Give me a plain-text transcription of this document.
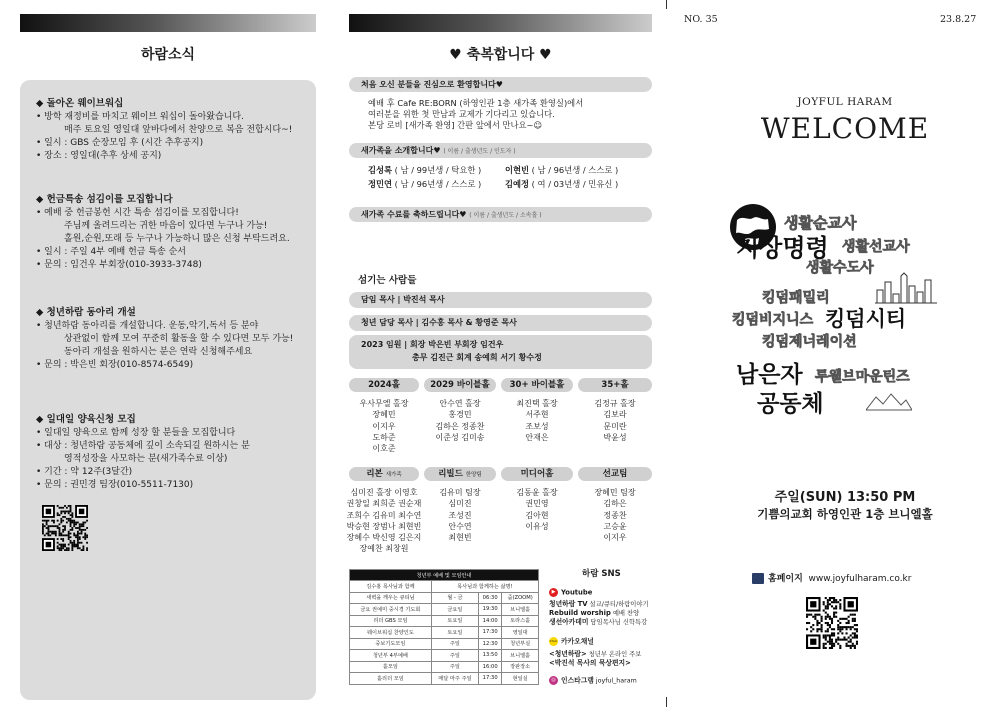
하람소식
◆ 돌아온 웨이브워십
• 방학 재정비를 마치고 웨이브 워십이 돌아왔습니다.
매주 토요일 영일대 앞바다에서 찬양으로 복음 전합시다~!
• 일시 : GBS 순장모임 후 (시간 추후공지)
• 장소 : 영일대(추후 상세 공지)
◆ 헌금특송 섬김이를 모집합니다
• 예배 중 헌금봉헌 시간 특송 섬김이를 모집합니다!
주님께 올려드리는 귀한 마음이 있다면 누구나 가능!
홀원,순원,또래 등 누구나 가능하니 많은 신청 부탁드려요.
• 일시 : 주일 4부 예배 헌금 특송 순서
• 문의 : 임건우 부회장(010-3933-3748)
◆ 청년하람 동아리 개설
• 청년하람 동아리를 개설합니다. 운동,악기,독서 등 분야
상관없이 함께 모여 꾸준히 활동을 할 수 있다면 모두 가능!
동아리 개설을 원하시는 분은 연락 신청해주세요
• 문의 : 박은빈 회장(010-8574-6549)
◆ 일대일 양육신청 모집
• 일대일 양육으로 함께 성장 할 분들을 모집합니다
• 대상 : 청년하람 공동체에 깊이 소속되길 원하시는 분
영적성장을 사모하는 분(새가족수료 이상)
• 기간 : 약 12주(3달간)
• 문의 : 권민경 팀장(010-5511-7130)
♥ 축복합니다 ♥
처음 오신 분들을 진심으로 환영합니다♥
예배 후 Cafe RE:BORN (하영인관 1층 새가족 환영실)에서
여러분을 위한 첫 만남과 교제가 기다리고 있습니다.
본당 로비 [새가족 환영] 간판 앞에서 만나요~☺
새가족을 소개합니다♥ ( 이름 / 출생년도 / 인도자 )
김성록 ( 남 / 99년생 / 탁요한 )	이현빈 ( 남 / 96년생 / 스스로 )
정민연 ( 남 / 96년생 / 스스로 )	김예정 ( 여 / 03년생 / 민유신 )
새가족 수료를 축하드립니다♥ ( 이름 / 출생년도 / 소속홀 )
섬기는 사람들
담임 목사 | 박진석 목사
청년 담당 목사 | 김수홍 목사 & 황영준 목사
2023 임원 | 회장 박은빈 부회장 임건우
총무 김진근 회계 송예희 서기 황수정
2024홀
우사무엘 홀장
장혜민
이지우
도하준
이호준
2029 바이블홀
안수연 홀장
홍경민
김하은 정종찬
이준성 김미송
30+ 바이블홀
최진택 홀장
서주현
조보성
안재은
35+홀
김정규 홀장
김보라
문미란
박윤성
리본 새가족
심미진 홀장 이영호
권창일 최희준 권순재
조희수 김유미 최수연
박승현 장범나 최현빈
장혜수 박신영 김은지
장예찬 최창원
리빌드 한양팀
김유미 팀장
심미진
조성진
안수연
최현빈
미디어홈
김동윤 홀장
권민영
김아현
이유성
선교팀
장혜민 팀장
김하은
정종찬
고승윤
이지우
청년부 예배 및 모임안내			
김수홍 목사님과 함께	목사님과 함께하는 삶명!		
새벽을 깨우는 큐티님	월 - 금	06:30	줌(ZOOM)
금요 권예미 중시경 기도회	금요일	19:30	브니엘홀
리더 GBS 모임	토요일	14:00	토라스홀
웨이브워십 찬양인도	토요일	17:30	영일대
중보기도모임	주일	12:30	청년부실
청년부 4부예배	주일	13:50	브니엘홀
홀모임	주일	16:00	장판장소
홀리더 모임	매달 마주 주일	17:30	현일실
하람 SNS
▶ Youtube
청년하람 TV 설교/큐티/하람이야기
Rebuild worship 예배 찬양
생선아카데미 담임목사님 신학특강
TALK 카카오채널
<청년하람> 청년부 온라인 주보
<박진석 목사의 묵상편지>
◎ 인스타그램 joyful_haram
NO. 35	23.8.27
JOYFUL HARAM
WELCOME
생활순교사
지상명령 생활선교사
생활수도사
킹덤패밀리
킹덤비지니스 킹덤시티
킹덤제너레이션
남은자 투웰브마운틴즈
공동체
주일(SUN) 13:50 PM
기쁨의교회 하영인관 1층 브니엘홀
홈페이지 www.joyfulharam.co.kr
